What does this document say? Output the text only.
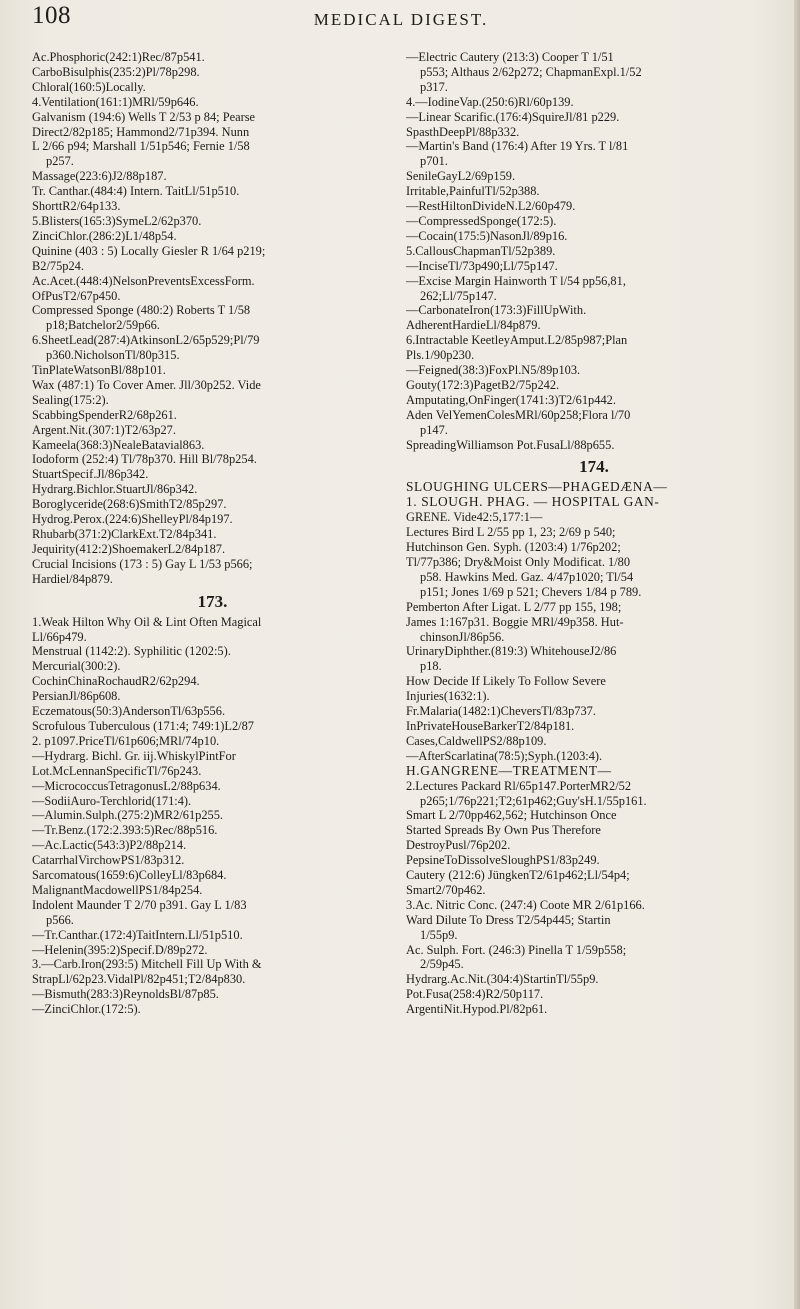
108	MEDICAL DIGEST.
Ac.Phosphoric(242:1)Rec/87p541.
CarboBisulphis(235:2)Pl/78p298.
Chloral(160:5)Locally.
4.Ventilation(161:1)MRl/59p646.
Galvanism (194:6) Wells T 2/53 p 84; Pearse
Direct2/82p185; Hammond2/71p394. Nunn
L 2/66 p94; Marshall 1/51p546; Fernie 1/58
p257.
Massage(223:6)J2/88p187.
Tr. Canthar.(484:4) Intern. TaitLl/51p510.
ShorttR2/64p133.
5.Blisters(165:3)SymeL2/62p370.
ZinciChlor.(286:2)L1/48p54.
Quinine (403 : 5) Locally Giesler R 1/64 p219;
B2/75p24.
Ac.Acet.(448:4)NelsonPreventsExcessForm.
OfPusT2/67p450.
Compressed Sponge (480:2) Roberts T 1/58
p18;Batchelor2/59p66.
6.SheetLead(287:4)AtkinsonL2/65p529;Pl/79
p360.NicholsonTl/80p315.
TinPlateWatsonBl/88p101.
Wax (487:1) To Cover Amer. Jll/30p252. Vide
Sealing(175:2).
ScabbingSpenderR2/68p261.
Argent.Nit.(307:1)T2/63p27.
Kameela(368:3)NealeBatavial863.
Iodoform (252:4) Tl/78p370. Hill Bl/78p254.
StuartSpecif.Jl/86p342.
Hydrarg.Bichlor.StuartJl/86p342.
Boroglyceride(268:6)SmithT2/85p297.
Hydrog.Perox.(224:6)ShelleyPl/84p197.
Rhubarb(371:2)ClarkExt.T2/84p341.
Jequirity(412:2)ShoemakerL2/84p187.
Crucial Incisions (173 : 5) Gay L 1/53 p566;
Hardiel/84p879.
173.
1.Weak Hilton Why Oil & Lint Often Magical
Ll/66p479.
Menstrual (1142:2). Syphilitic (1202:5).
Mercurial(300:2).
CochinChinaRochaudR2/62p294.
PersianJl/86p608.
Eczematous(50:3)AndersonTl/63p556.
Scrofulous Tuberculous (171:4; 749:1)L2/87
2. p1097.PriceTl/61p606;MRl/74p10.
—Hydrarg. Bichl. Gr. iij.WhiskylPintFor
Lot.McLennanSpecificTl/76p243.
—MicrococcusTetragonusL2/88p634.
—SodiiAuro-Terchlorid(171:4).
—Alumin.Sulph.(275:2)MR2/61p255.
—Tr.Benz.(172:2.393:5)Rec/88p516.
—Ac.Lactic(543:3)P2/88p214.
CatarrhalVirchowPS1/83p312.
Sarcomatous(1659:6)ColleyLl/83p684.
MalignantMacdowellPS1/84p254.
Indolent Maunder T 2/70 p391. Gay L 1/83
p566.
—Tr.Canthar.(172:4)TaitIntern.Ll/51p510.
—Helenin(395:2)Specif.D/89p272.
3.—Carb.Iron(293:5) Mitchell Fill Up With &
StrapLl/62p23.VidalPl/82p451;T2/84p830.
—Bismuth(283:3)ReynoldsBl/87p85.
—ZinciChlor.(172:5).
—Electric Cautery (213:3) Cooper T 1/51
p553; Althaus 2/62p272; ChapmanExpl.1/52
p317.
4.—IodineVap.(250:6)Rl/60p139.
—Linear Scarific.(176:4)SquireJl/81 p229.
SpasthDeepPl/88p332.
—Martin's Band (176:4) After 19 Yrs. T l/81
p701.
SenileGayL2/69p159.
Irritable,PainfulTl/52p388.
—RestHiltonDivideN.L2/60p479.
—CompressedSponge(172:5).
—Cocain(175:5)NasonJl/89p16.
5.CallousChapmanTl/52p389.
—InciseTl/73p490;Ll/75p147.
—Excise Margin Hainworth T l/54 pp56,81,
262;Ll/75p147.
—CarbonateIron(173:3)FillUpWith.
AdherentHardieLl/84p879.
6.Intractable KeetleyAmput.L2/85p987;Plan
Pls.1/90p230.
—Feigned(38:3)FoxPl.N5/89p103.
Gouty(172:3)PagetB2/75p242.
Amputating,OnFinger(1741:3)T2/61p442.
Aden VelYemenColesMRl/60p258;Flora l/70
p147.
SpreadingWilliamson Pot.FusaLl/88p655.
174.
SLOUGHING ULCERS—PHAGEDÆNA—
1. SLOUGH. PHAG. — HOSPITAL GAN-
GRENE. Vide42:5,177:1—
Lectures Bird L 2/55 pp 1, 23; 2/69 p 540;
Hutchinson Gen. Syph. (1203:4) 1/76p202;
Tl/77p386; Dry&Moist Only Modificat. 1/80
p58. Hawkins Med. Gaz. 4/47p1020; Tl/54
p151; Jones 1/69 p 521; Chevers 1/84 p 789.
Pemberton After Ligat. L 2/77 pp 155, 198;
James 1:167p31. Boggie MRl/49p358. Hut-
chinsonJl/86p56.
UrinaryDiphther.(819:3) WhitehouseJ2/86
p18.
How Decide If Likely To Follow Severe
Injuries(1632:1).
Fr.Malaria(1482:1)CheversTl/83p737.
InPrivateHouseBarkerT2/84p181.
Cases,CaldwellPS2/88p109.
—AfterScarlatina(78:5);Syph.(1203:4).
H.GANGRENE—TREATMENT—
2.Lectures Packard Rl/65p147.PorterMR2/52
p265;1/76p221;T2;61p462;Guy'sH.1/55p161.
Smart L 2/70pp462,562; Hutchinson Once
Started Spreads By Own Pus Therefore
DestroyPusl/76p202.
PepsineToDissolveSloughPS1/83p249.
Cautery (212:6) JüngkenT2/61p462;Ll/54p4;
Smart2/70p462.
3.Ac. Nitric Conc. (247:4) Coote MR 2/61p166.
Ward Dilute To Dress T2/54p445; Startin
1/55p9.
Ac. Sulph. Fort. (246:3) Pinella T 1/59p558;
2/59p45.
Hydrarg.Ac.Nit.(304:4)StartinTl/55p9.
Pot.Fusa(258:4)R2/50p117.
ArgentiNit.Hypod.Pl/82p61.
